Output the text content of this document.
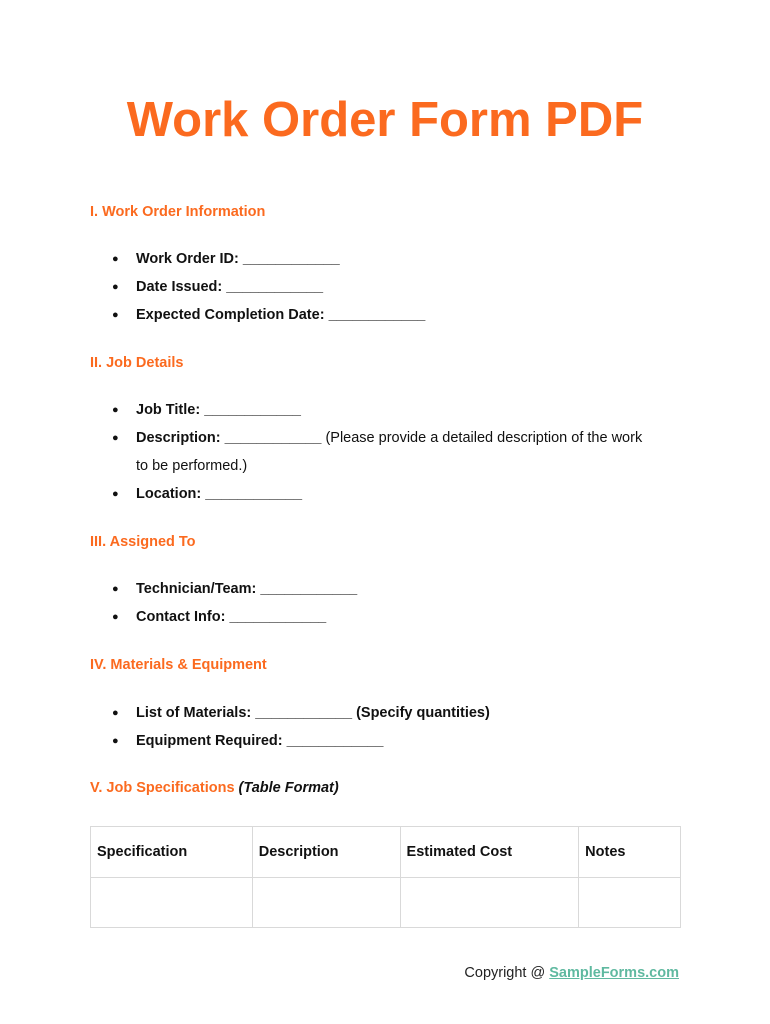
Work Order Form PDF
I. Work Order Information
● Work Order ID: ____________
● Date Issued: ____________
● Expected Completion Date: ____________
II. Job Details
● Job Title: ____________
● Description: ____________ (Please provide a detailed description of the work
to be performed.)
● Location: ____________
III. Assigned To
● Technician/Team: ____________
● Contact Info: ____________
IV. Materials & Equipment
● List of Materials: ____________ (Specify quantities)
● Equipment Required: ____________
V. Job Specifications (Table Format)
Specification	Description	Estimated Cost	Notes

Copyright @ SampleForms.com
